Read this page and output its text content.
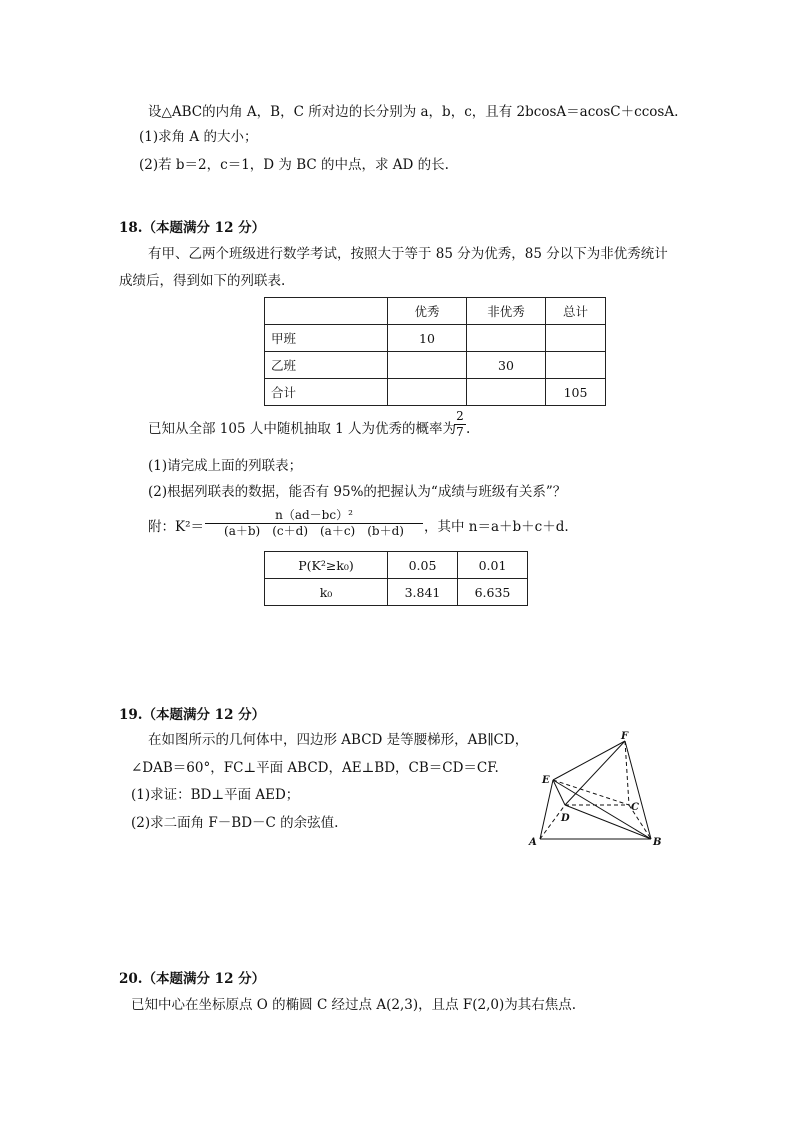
设△ABC的内角 A，B，C 所对边的长分别为 a，b，c，且有 2bcosA＝acosC＋ccosA.
(1)求角 A 的大小；
(2)若 b＝2，c＝1，D 为 BC 的中点，求 AD 的长.
18.（本题满分 12 分）
有甲、乙两个班级进行数学考试，按照大于等于 85 分为优秀，85 分以下为非优秀统计
成绩后，得到如下的列联表.
	优秀	非优秀	总计
甲班	10		
乙班		30	
合计			105
已知从全部 105 人中随机抽取 1 人为优秀的概率为
2
7 .
(1)请完成上面的列联表；
(2)根据列联表的数据，能否有 95%的把握认为“成绩与班级有关系”？
附：K²＝
n（ad－bc）²
(a＋b)　(c＋d)　(a＋c)　(b＋d)	，其中 n＝a＋b＋c＋d.
P(K²≥k₀)	0.05	0.01
k₀	3.841	6.635
19.（本题满分 12 分）
在如图所示的几何体中，四边形 ABCD 是等腰梯形，AB∥CD，
∠DAB＝60°，FC⊥平面 ABCD，AE⊥BD，CB＝CD＝CF.
(1)求证：BD⊥平面 AED；
(2)求二面角 F－BD－C 的余弦值.
A	B
C
D
E
F
20.（本题满分 12 分）
已知中心在坐标原点 O 的椭圆 C 经过点 A(2,3)，且点 F(2,0)为其右焦点.
